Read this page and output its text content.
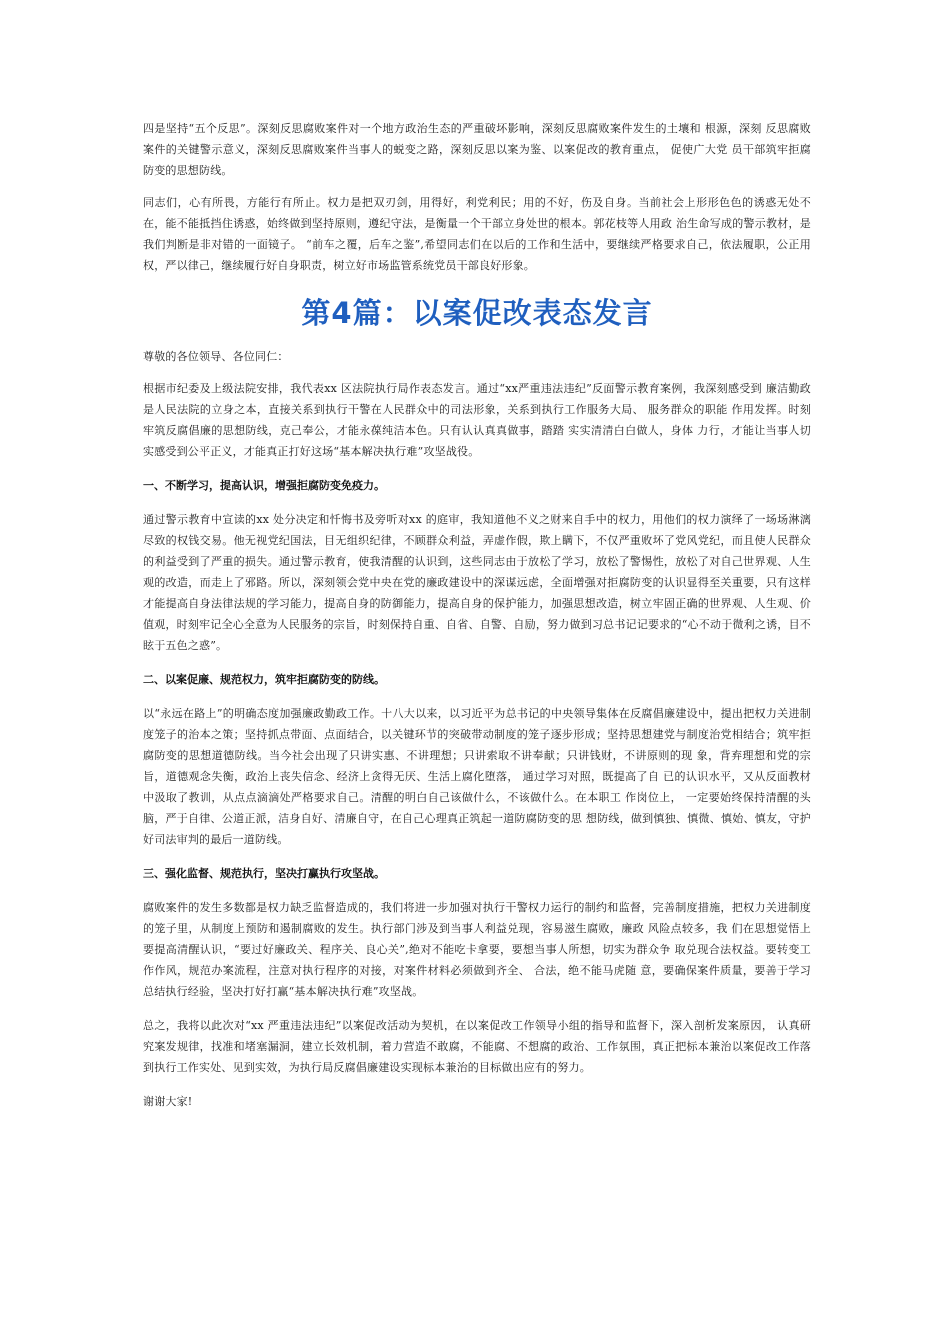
四是坚持“五个反思”。深刻反思腐败案件对一个地方政治生态的严重破坏影响，深刻反思腐败案件发生的土壤和 根源，深刻 反思腐败案件的关键警示意义，深刻反思腐败案件当事人的蜕变之路，深刻反思以案为鉴、以案促改的教育重点， 促使广大党 员干部筑牢拒腐防变的思想防线。

同志们，心有所畏，方能行有所止。权力是把双刃剑，用得好，利党利民；用的不好，伤及自身。当前社会上形形色色的诱惑无处不在，能不能抵挡住诱惑，始终做到坚持原则，遵纪守法，是衡量一个干部立身处世的根本。郭花枝等人用政 治生命写成的警示教材，是我们判断是非对错的一面镜子。 “前车之覆，后车之鉴”,希望同志们在以后的工作和生活中，要继续严格要求自己，依法履职，公正用权，严以律己，继续履行好自身职责，树立好市场监管系统党员干部良好形象。

第4篇：以案促改表态发言

尊敬的各位领导、各位同仁：

根据市纪委及上级法院安排，我代表xx 区法院执行局作表态发言。通过“xx严重违法违纪”反面警示教育案例，我深刻感受到 廉洁勤政是人民法院的立身之本，直接关系到执行干警在人民群众中的司法形象，关系到执行工作服务大局、 服务群众的职能 作用发挥。时刻牢筑反腐倡廉的思想防线，克己奉公，才能永葆纯洁本色。只有认认真真做事，踏踏 实实清清白白做人，身体 力行，才能让当事人切实感受到公平正义，才能真正打好这场“基本解决执行难”攻坚战役。

一、不断学习，提高认识，增强拒腐防变免疫力。

通过警示教育中宣读的xx 处分决定和忏悔书及旁听对xx 的庭审，我知道他不义之财来自手中的权力，用他们的权力演绎了一场场淋漓尽致的权钱交易。他无视党纪国法，目无组织纪律，不顾群众利益，弄虚作假，欺上瞒下，不仅严重败坏了党风党纪，而且使人民群众的利益受到了严重的损失。通过警示教育，使我清醒的认识到，这些同志由于放松了学习，放松了警惕性，放松了对自己世界观、人生观的改造，而走上了邪路。所以，深刻领会党中央在党的廉政建设中的深谋远虑，全面增强对拒腐防变的认识显得至关重要，只有这样才能提高自身法律法规的学习能力，提高自身的防御能力，提高自身的保护能力，加强思想改造，树立牢固正确的世界观、人生观、价值观，时刻牢记全心全意为人民服务的宗旨，时刻保持自重、自省、自警、自励，努力做到习总书记记要求的“心不动于微利之诱，目不眩于五色之惑”。

二、以案促廉、规范权力，筑牢拒腐防变的防线。

以“永远在路上”的明确态度加强廉政勤政工作。十八大以来，以习近平为总书记的中央领导集体在反腐倡廉建设中，提出把权力关进制度笼子的治本之策；坚持抓点带面、点面结合，以关键环节的突破带动制度的笼子逐步形成；坚持思想建党与制度治党相结合；筑牢拒腐防变的思想道德防线。当今社会出现了只讲实惠、不讲理想；只讲索取不讲奉献；只讲钱财，不讲原则的现 象，背弃理想和党的宗旨，道德观念失衡，政治上丧失信念、经济上贪得无厌、生活上腐化堕落， 通过学习对照，既提高了自 已的认识水平，又从反面教材中汲取了教训，从点点滴滴处严格要求自己。清醒的明白自己该做什么，不该做什么。在本职工 作岗位上， 一定要始终保持清醒的头脑，严于自律、公道正派，洁身自好、清廉自守，在自己心理真正筑起一道防腐防变的思 想防线，做到慎独、慎微、慎始、慎友，守护好司法审判的最后一道防线。

三、强化监督、规范执行，坚决打赢执行攻坚战。

腐败案件的发生多数都是权力缺乏监督造成的，我们将进一步加强对执行干警权力运行的制约和监督，完善制度措施，把权力关进制度的笼子里，从制度上预防和遏制腐败的发生。执行部门涉及到当事人利益兑现，容易滋生腐败，廉政 风险点较多，我 们在思想觉悟上要提高清醒认识，“要过好廉政关、程序关、良心关”,绝对不能吃卡拿要，要想当事人所想，切实为群众争 取兑现合法权益。要转变工作作风，规范办案流程，注意对执行程序的对接，对案件材料必须做到齐全、 合法，绝不能马虎随 意，要确保案件质量，要善于学习总结执行经验，坚决打好打赢“基本解决执行难”攻坚战。

总之，我将以此次对“xx 严重违法违纪”以案促改活动为契机，在以案促改工作领导小组的指导和监督下，深入剖析发案原因， 认真研究案发规律，找准和堵塞漏洞，建立长效机制，着力营造不敢腐，不能腐、不想腐的政治、工作氛围，真正把标本兼治以案促改工作落到执行工作实处、见到实效，为执行局反腐倡廉建设实现标本兼治的目标做出应有的努力。

谢谢大家!
